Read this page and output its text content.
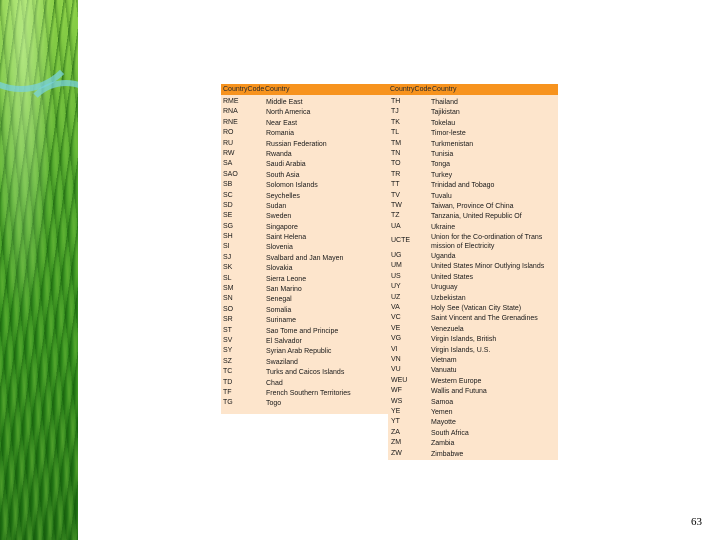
CountryCode Country
RME	Middle East
RNA	North America
RNE	Near East
RO	Romania
RU	Russian Federation
RW	Rwanda
SA	Saudi Arabia
SAO	South Asia
SB	Solomon Islands
SC	Seychelles
SD	Sudan
SE	Sweden
SG	Singapore
SH	Saint Helena
SI	Slovenia
SJ	Svalbard and Jan Mayen
SK	Slovakia
SL	Sierra Leone
SM	San Marino
SN	Senegal
SO	Somalia
SR	Suriname
ST	Sao Tome and Principe
SV	El Salvador
SY	Syrian Arab Republic
SZ	Swaziland
TC	Turks and Caicos Islands
TD	Chad
TF	French Southern Territories
TG	Togo
CountryCode Country
TH	Thailand
TJ	Tajikistan
TK	Tokelau
TL	Timor-leste
TM	Turkmenistan
TN	Tunisia
TO	Tonga
TR	Turkey
TT	Trinidad and Tobago
TV	Tuvalu
TW	Taiwan, Province Of China
TZ	Tanzania, United Republic Of
UA	Ukraine
UCTE	Union for the Co-ordination of Trans mission of Electricity
UG	Uganda
UM	United States Minor Outlying Islands
US	United States
UY	Uruguay
UZ	Uzbekistan
VA	Holy See (Vatican City State)
VC	Saint Vincent and The Grenadines
VE	Venezuela
VG	Virgin Islands, British
VI	Virgin Islands, U.S.
VN	Vietnam
VU	Vanuatu
WEU	Western Europe
WF	Wallis and Futuna
WS	Samoa
YE	Yemen
YT	Mayotte
ZA	South Africa
ZM	Zambia
ZW	Zimbabwe
63
